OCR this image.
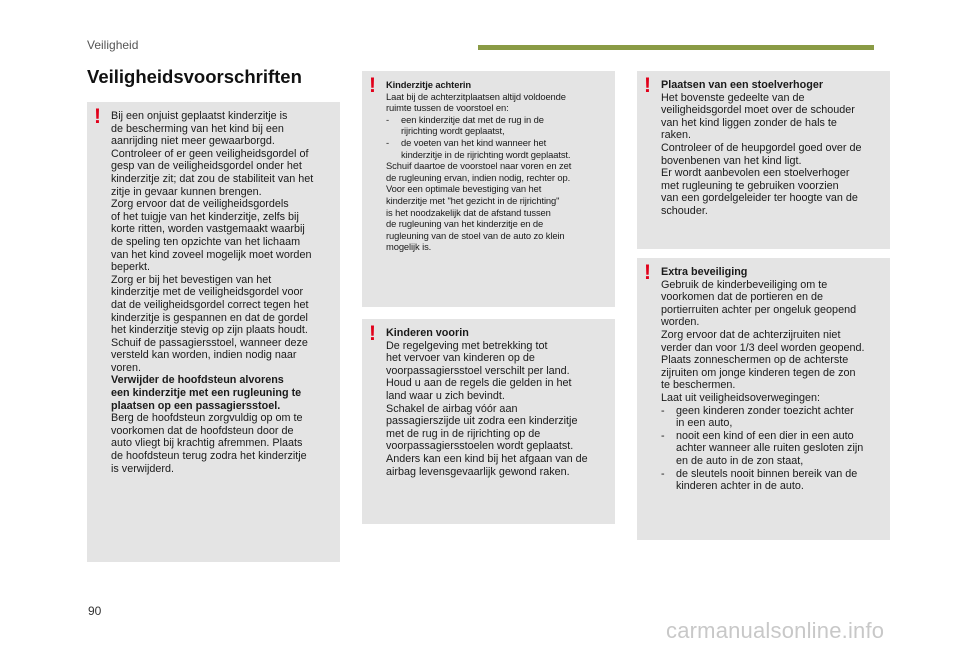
Veiligheid
Veiligheidsvoorschriften
! Bij een onjuist geplaatst kinderzitje is

de bescherming van het kind bij een

aanrijding niet meer gewaarborgd.

Controleer of er geen veiligheidsgordel of

gesp van de veiligheidsgordel onder het

kinderzitje zit; dat zou de stabiliteit van het

zitje in gevaar kunnen brengen.

Zorg ervoor dat de veiligheidsgordels

of het tuigje van het kinderzitje, zelfs bij

korte ritten, worden vastgemaakt waarbij

de speling ten opzichte van het lichaam

van het kind zoveel mogelijk moet worden

beperkt.

Zorg er bij het bevestigen van het

kinderzitje met de veiligheidsgordel voor

dat de veiligheidsgordel correct tegen het

kinderzitje is gespannen en dat de gordel

het kinderzitje stevig op zijn plaats houdt.

Schuif de passagiersstoel, wanneer deze

versteld kan worden, indien nodig naar

voren.

Verwijder de hoofdsteun alvorens

een kinderzitje met een rugleuning te

plaatsen op een passagiersstoel.

Berg de hoofdsteun zorgvuldig op om te

voorkomen dat de hoofdsteun door de

auto vliegt bij krachtig afremmen. Plaats

de hoofdsteun terug zodra het kinderzitje

is verwijderd.

! Kinderzitje achterin

Laat bij de achterzitplaatsen altijd voldoende

ruimte tussen de voorstoel en:

- een kinderzitje dat met de rug in de

rijrichting wordt geplaatst,

- de voeten van het kind wanneer het

kinderzitje in de rijrichting wordt geplaatst.

Schuif daartoe de voorstoel naar voren en zet

de rugleuning ervan, indien nodig, rechter op.

Voor een optimale bevestiging van het

kinderzitje met "het gezicht in de rijrichting"

is het noodzakelijk dat de afstand tussen

de rugleuning van het kinderzitje en de

rugleuning van de stoel van de auto zo klein

mogelijk is.

! Kinderen voorin

De regelgeving met betrekking tot

het vervoer van kinderen op de

voorpassagiersstoel verschilt per land.

Houd u aan de regels die gelden in het

land waar u zich bevindt.

Schakel de airbag vóór aan

passagierszijde uit zodra een kinderzitje

met de rug in de rijrichting op de

voorpassagiersstoelen wordt geplaatst.

Anders kan een kind bij het afgaan van de

airbag levensgevaarlijk gewond raken.

! Plaatsen van een stoelverhoger

Het bovenste gedeelte van de

veiligheidsgordel moet over de schouder

van het kind liggen zonder de hals te

raken.

Controleer of de heupgordel goed over de

bovenbenen van het kind ligt.

Er wordt aanbevolen een stoelverhoger

met rugleuning te gebruiken voorzien

van een gordelgeleider ter hoogte van de

schouder.

! Extra beveiliging

Gebruik de kinderbeveiliging om te

voorkomen dat de portieren en de

portierruiten achter per ongeluk geopend

worden.

Zorg ervoor dat de achterzijruiten niet

verder dan voor 1/3 deel worden geopend.

Plaats zonneschermen op de achterste

zijruiten om jonge kinderen tegen de zon

te beschermen.

Laat uit veiligheidsoverwegingen:

- geen kinderen zonder toezicht achter

in een auto,

- nooit een kind of een dier in een auto

achter wanneer alle ruiten gesloten zijn

en de auto in de zon staat,

- de sleutels nooit binnen bereik van de

kinderen achter in de auto.

90
carmanualsonline.info
